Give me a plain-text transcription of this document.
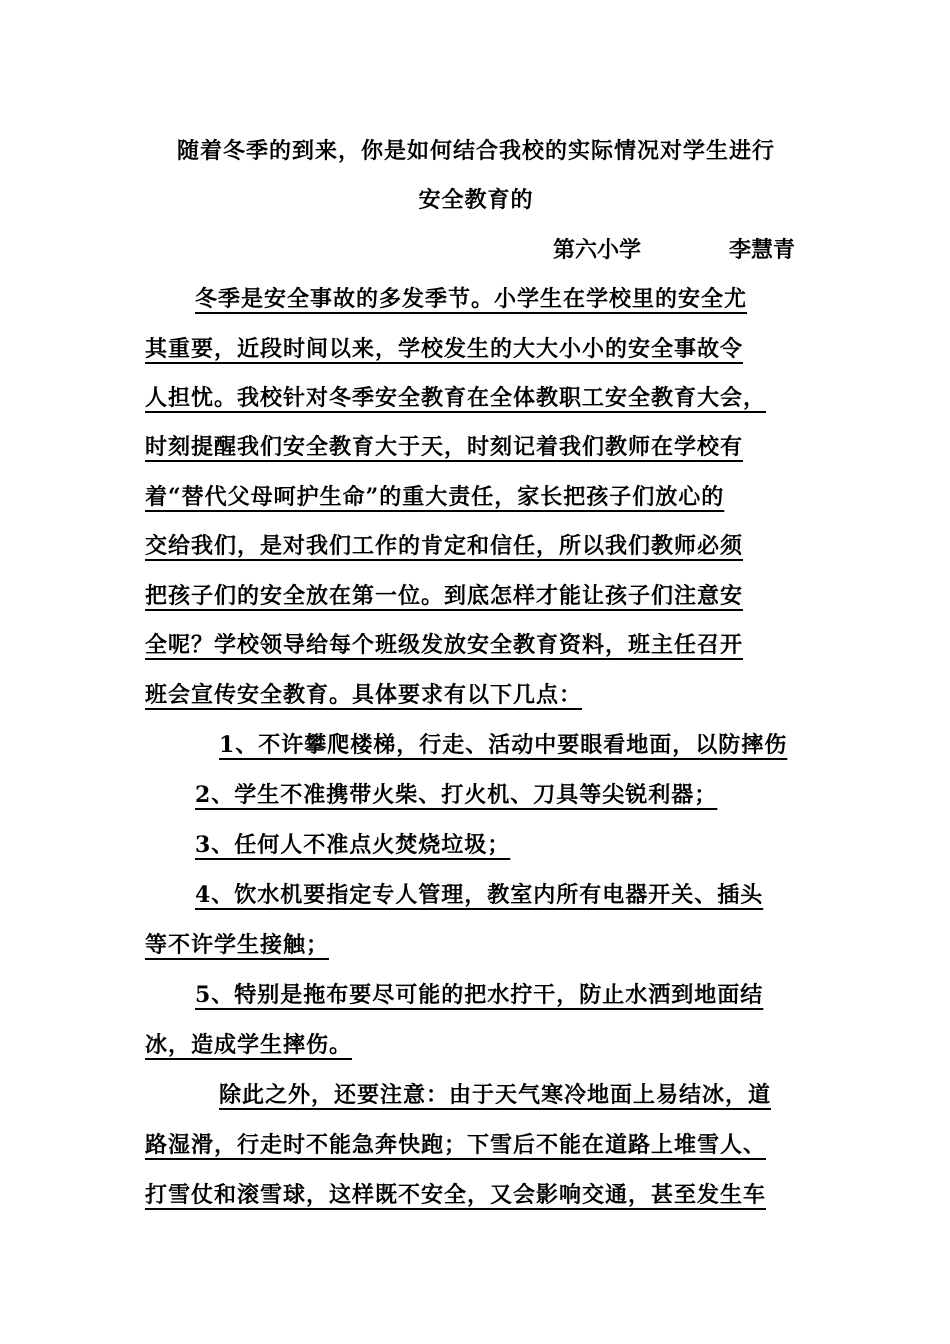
随着冬季的到来，你是如何结合我校的实际情况对学生进行
安全教育的
第六小学	李慧青
冬季是安全事故的多发季节。小学生在学校里的安全尤
其重要，近段时间以来，学校发生的大大小小的安全事故令
人担忧。我校针对冬季安全教育在全体教职工安全教育大会，
时刻提醒我们安全教育大于天，时刻记着我们教师在学校有
着“替代父母呵护生命”的重大责任，家长把孩子们放心的
交给我们，是对我们工作的肯定和信任，所以我们教师必须
把孩子们的安全放在第一位。到底怎样才能让孩子们注意安
全呢？学校领导给每个班级发放安全教育资料，班主任召开
班会宣传安全教育。具体要求有以下几点：
1、不许攀爬楼梯，行走、活动中要眼看地面，以防摔伤
2、学生不准携带火柴、打火机、刀具等尖锐利器；
3、任何人不准点火焚烧垃圾；
4、饮水机要指定专人管理，教室内所有电器开关、插头
等不许学生接触；
5、特别是拖布要尽可能的把水拧干，防止水洒到地面结
冰，造成学生摔伤。
除此之外，还要注意：由于天气寒冷地面上易结冰，道
路湿滑，行走时不能急奔快跑；下雪后不能在道路上堆雪人、
打雪仗和滚雪球，这样既不安全，又会影响交通，甚至发生车
